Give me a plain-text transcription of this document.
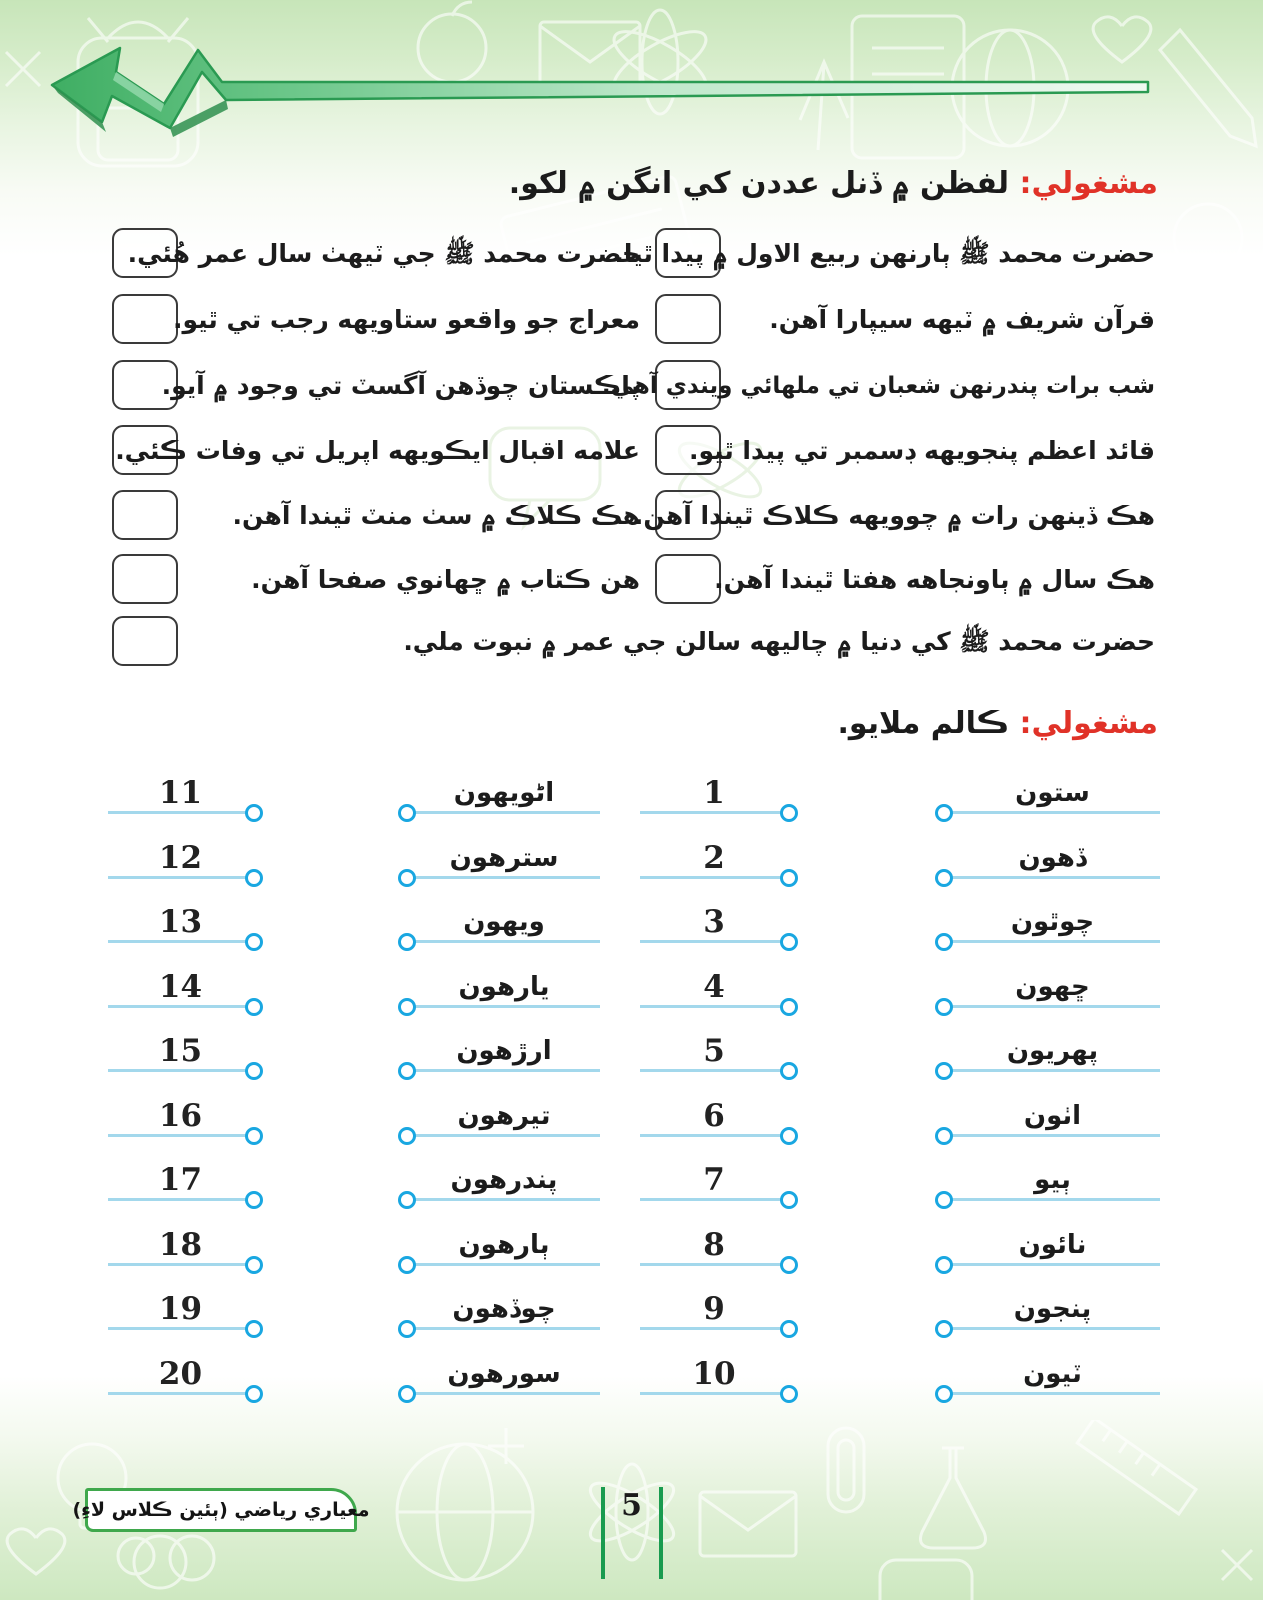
مشغولي: لفظن ۾ ڏنل عددن کي انگن ۾ لکو.
حضرت محمد ﷺ ٻارنهن ربيع الاول ۾ پيدا ٿيا.
حضرت محمد ﷺ جي ٽيهٺ سال عمر هُئي.
قرآن شريف ۾ ٽيهه سيپارا آهن.
معراج جو واقعو ستاويهه رجب تي ٿيو.
شب برات پندرنهن شعبان تي ملهائي ويندي آهي.
پاڪستان چوڏهن آگسٽ تي وجود ۾ آيو.
قائد اعظم پنجويهه ڊسمبر تي پيدا ٿيو.
علامه اقبال ايڪويهه اپريل تي وفات ڪئي.
هڪ ڏينهن رات ۾ چوويهه ڪلاڪ ٿيندا آهن.
هڪ ڪلاڪ ۾ سٺ منٽ ٿيندا آهن.
هڪ سال ۾ ٻاونجاهه هفتا ٿيندا آهن.
هن ڪتاب ۾ ڇهانوي صفحا آهن.
حضرت محمد ﷺ کي دنيا ۾ چاليهه سالن جي عمر ۾ نبوت ملي.
مشغولي: ڪالم ملايو.
ستون
1
اڻويهون
11
ڏهون
2
سترهون
12
چوٿون
3
ويهون
13
ڇهون
4
يارهون
14
پهريون
5
ارڙهون
15
اٺون
6
تيرهون
16
ٻيو
7
پندرهون
17
نائون
8
ٻارهون
18
پنجون
9
چوڏهون
19
ٽيون
10
سورهون
20
معياري رياضي (ٻئين ڪلاس لاءِ)	5
